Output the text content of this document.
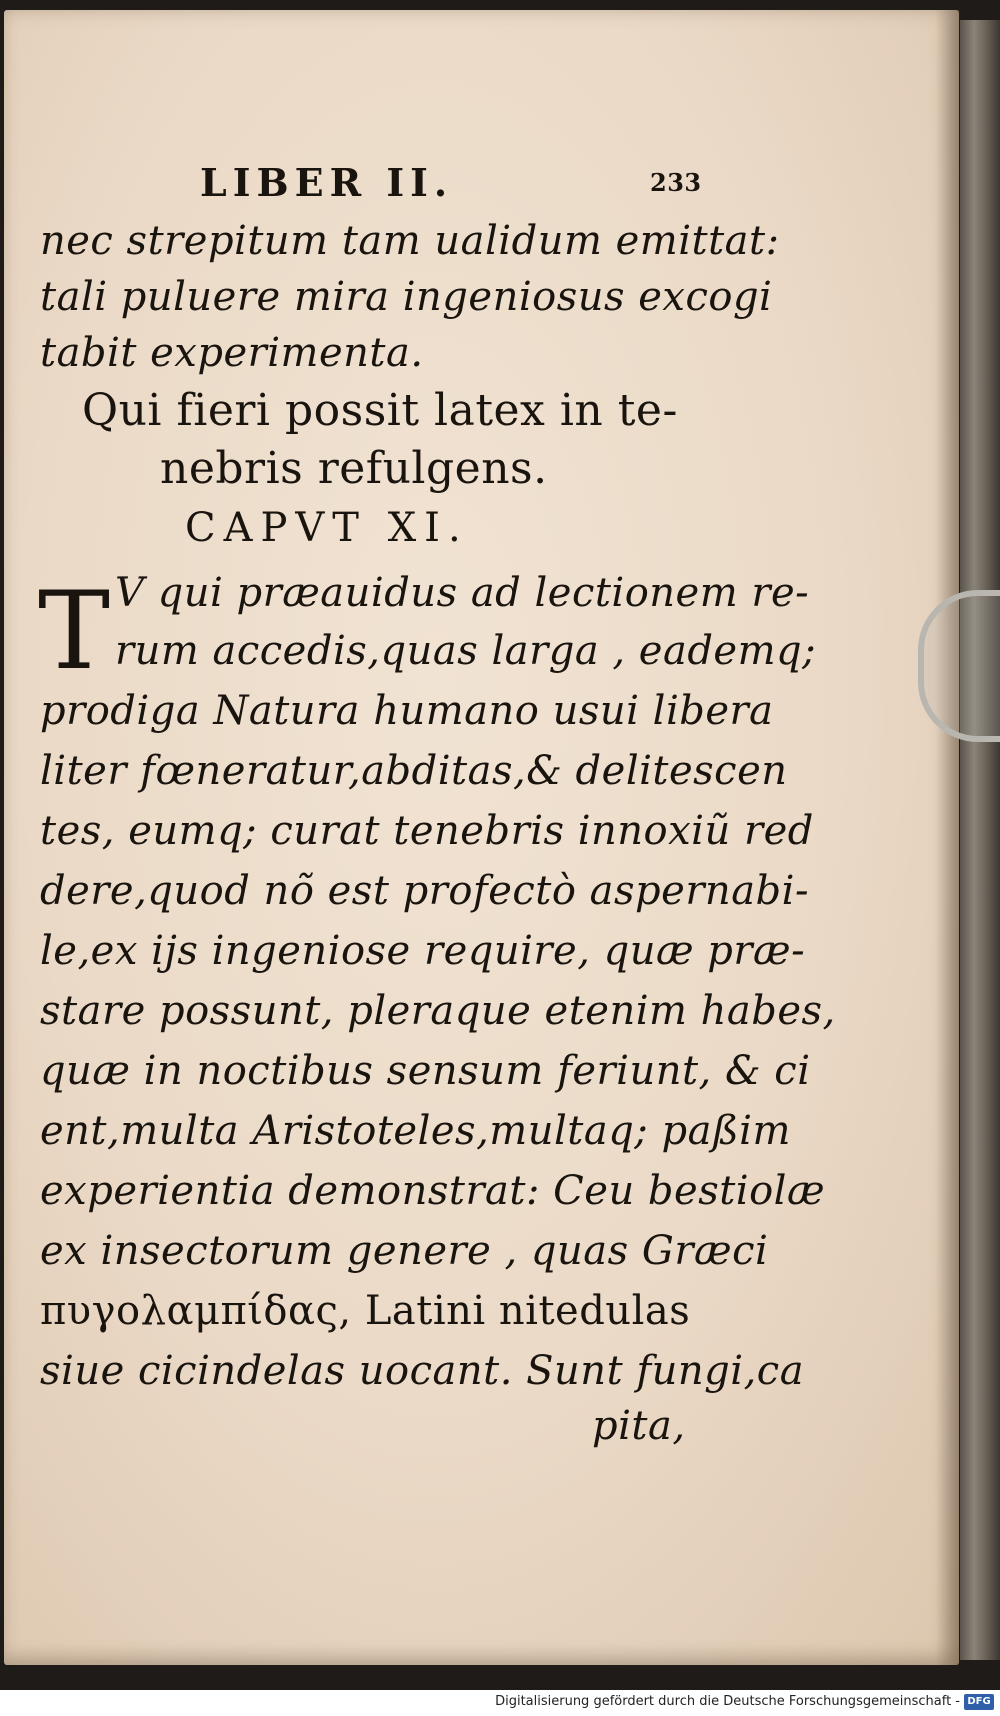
LIBER II.	233
nec strepitum tam ualidum emittat:
tali puluere mira ingeniosus excogi
tabit experimenta.
Qui fieri possit latex in te-
nebris refulgens.
CAPVT XI.
T V qui præauidus ad lectionem re-
rum accedis,quas larga , eademq;
prodiga Natura humano usui libera
liter fœneratur,abditas,& delitescen
tes, eumq; curat tenebris innoxiũ red
dere,quod nõ est profectò aspernabi-
le,ex ijs ingeniose require, quæ præ-
stare possunt, pleraque etenim habes,
quæ in noctibus sensum feriunt, & ci
ent,multa Aristoteles,multaq; paßim
experientia demonstrat: Ceu bestiolæ
ex insectorum genere , quas Græci
πυγολαμπίδας, Latini nitedulas
siue cicindelas uocant. Sunt fungi,ca
pita,
Digitalisierung gefördert durch die Deutsche Forschungsgemeinschaft - DFG
